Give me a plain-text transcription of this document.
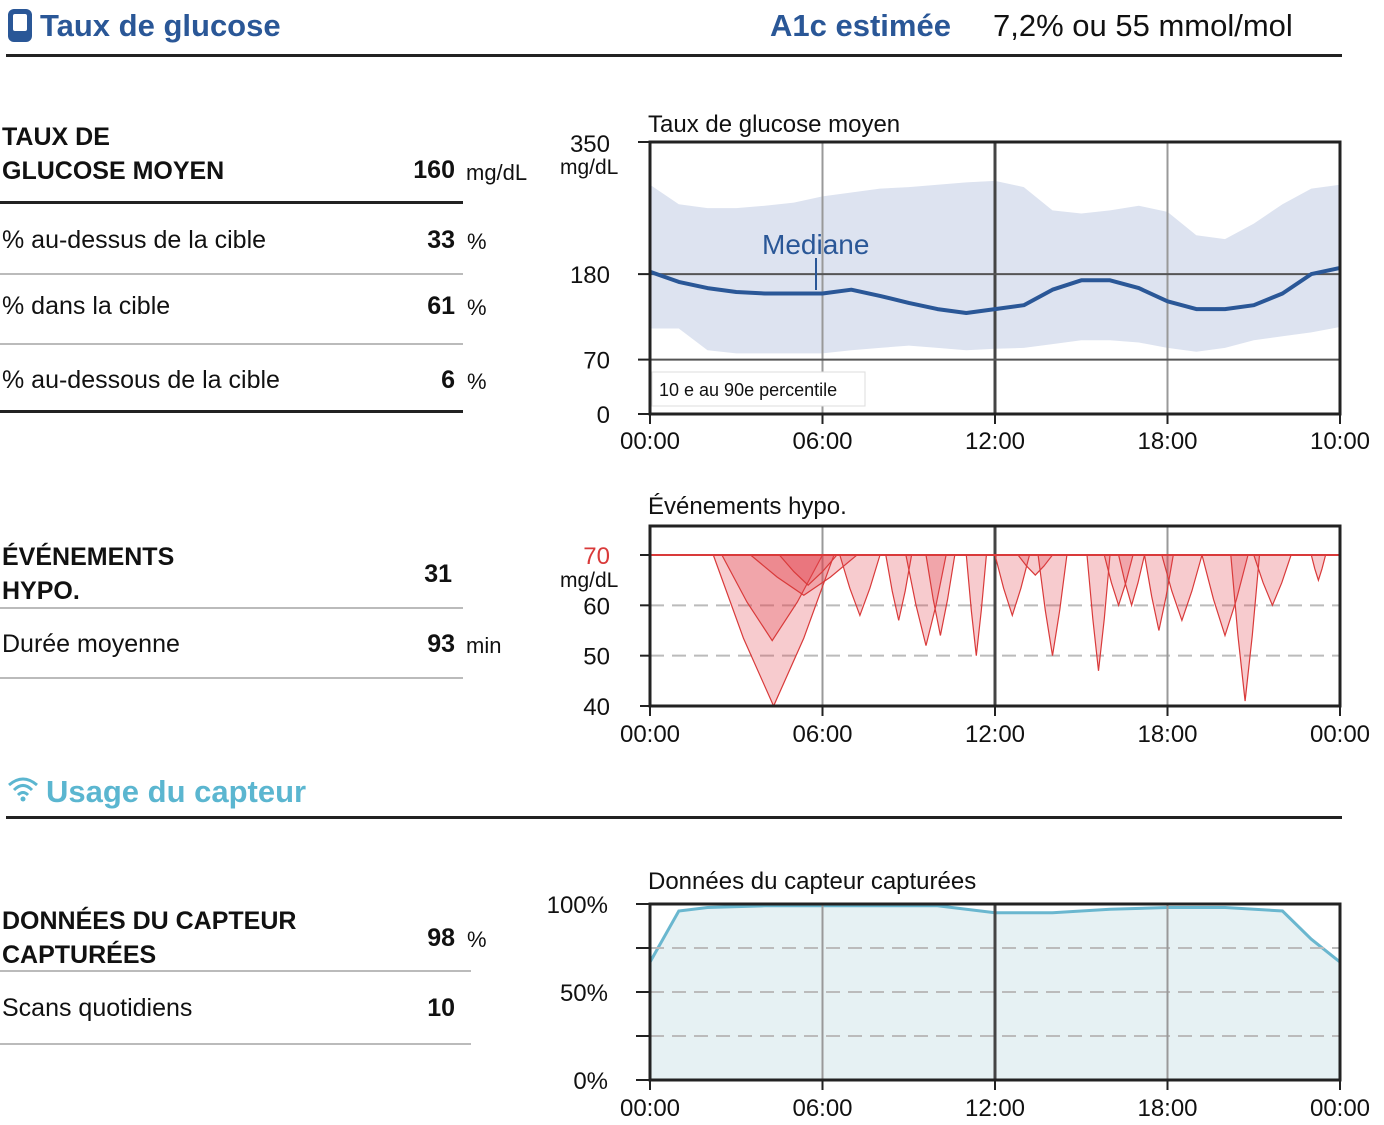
Taux de glucose	A1c estimée 7,2% ou 55 mmol/mol
TAUX DE
GLUCOSE MOYEN	160 mg/dL
% au-dessus de la cible	33 %
% dans la cible	61 %
% au-dessous de la cible	6 %
Taux de glucose moyen
0
70
180
350
00:00	06:00	12:00	18:00	10:00
mg/dL
Mediane
10 e au 90e percentile
ÉVÉNEMENTS
HYPO.
31
Durée moyenne	93 min
Événements hypo.
40
50
60
70
00:00	06:00	12:00	18:00	00:00
mg/dL
Usage du capteur
DONNÉES DU CAPTEUR
CAPTURÉES
98 %
Scans quotidiens	10
Données du capteur capturées
0%
50%
100%
00:00	06:00	12:00	18:00	00:00
